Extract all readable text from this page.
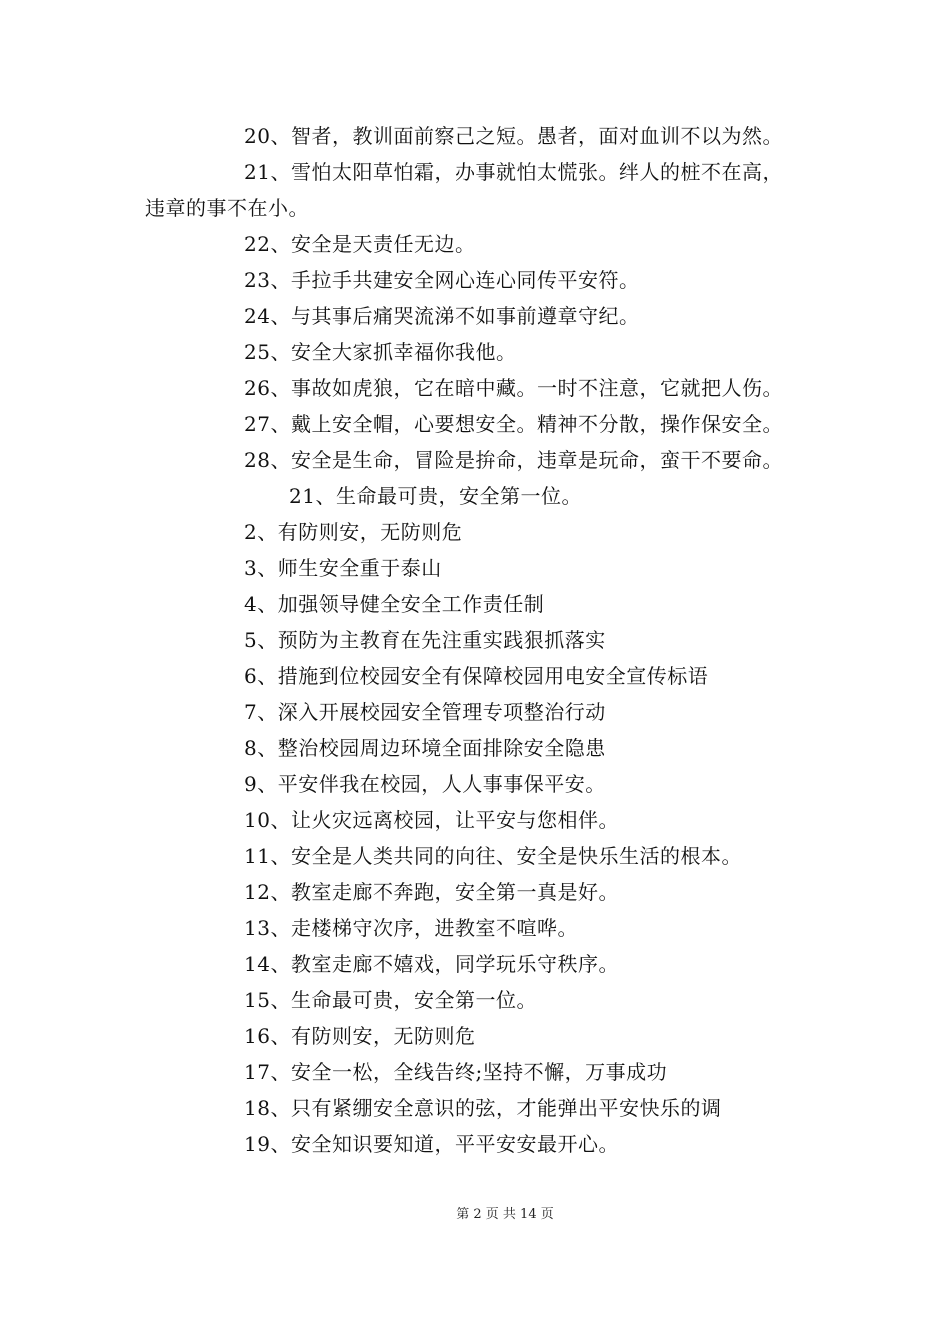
20、智者，教训面前察己之短。愚者，面对血训不以为然。
21、雪怕太阳草怕霜，办事就怕太慌张。绊人的桩不在高，
违章的事不在小。
22、安全是天责任无边。
23、手拉手共建安全网心连心同传平安符。
24、与其事后痛哭流涕不如事前遵章守纪。
25、安全大家抓幸福你我他。
26、事故如虎狼，它在暗中藏。一时不注意，它就把人伤。
27、戴上安全帽，心要想安全。精神不分散，操作保安全。
28、安全是生命，冒险是拚命，违章是玩命，蛮干不要命。
21、生命最可贵，安全第一位。
2、有防则安，无防则危
3、师生安全重于泰山
4、加强领导健全安全工作责任制
5、预防为主教育在先注重实践狠抓落实
6、措施到位校园安全有保障校园用电安全宣传标语
7、深入开展校园安全管理专项整治行动
8、整治校园周边环境全面排除安全隐患
9、平安伴我在校园，人人事事保平安。
10、让火灾远离校园，让平安与您相伴。
11、安全是人类共同的向往、安全是快乐生活的根本。
12、教室走廊不奔跑，安全第一真是好。
13、走楼梯守次序，进教室不喧哗。
14、教室走廊不嬉戏，同学玩乐守秩序。
15、生命最可贵，安全第一位。
16、有防则安，无防则危
17、安全一松，全线告终;坚持不懈，万事成功
18、只有紧绷安全意识的弦，才能弹出平安快乐的调
19、安全知识要知道，平平安安最开心。
第 2 页 共 14 页
